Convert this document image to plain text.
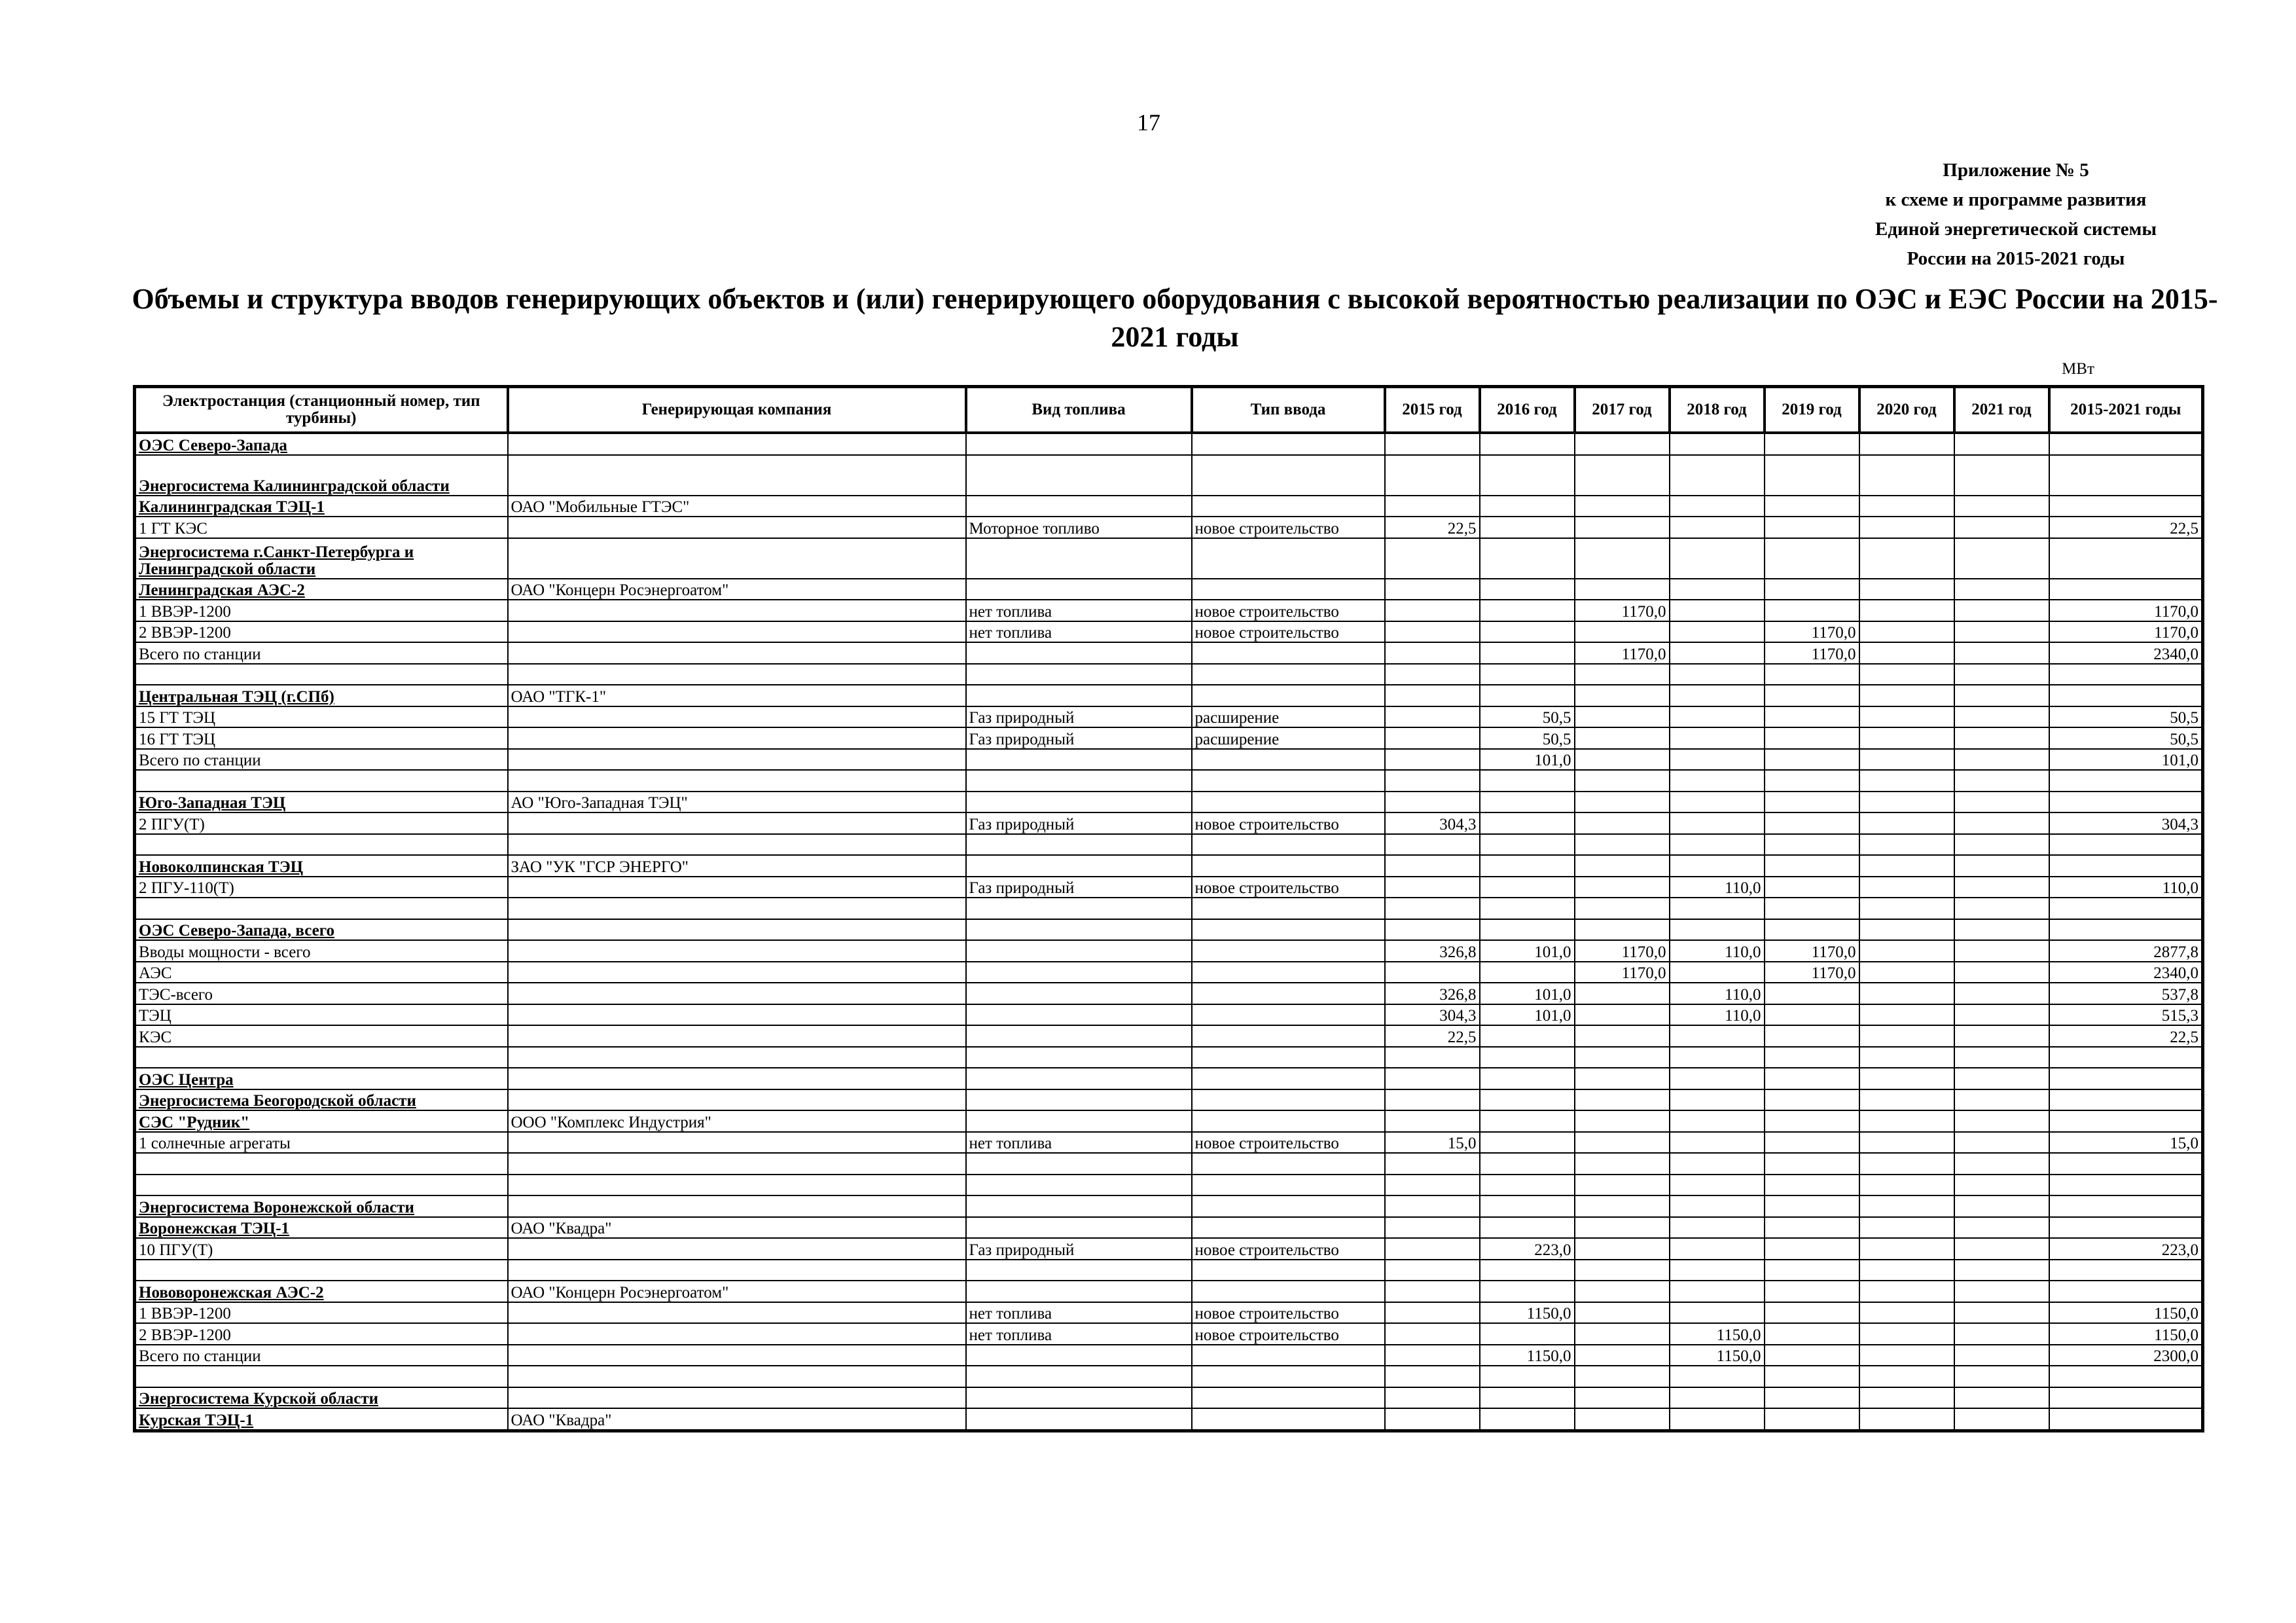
17
Приложение № 5
к схеме и программе развития
Единой энергетической системы
России на 2015-2021 годы
Объемы и структура вводов генерирующих объектов и (или) генерирующего оборудования с высокой вероятностью реализации по ОЭС и ЕЭС России на 2015-2021 годы
МВт
Электростанция (станционный номер, тип турбины)	Генерирующая компания	Вид топлива	Тип ввода	2015 год	2016 год	2017 год	2018 год	2019 год	2020 год	2021 год	2015-2021 годы
ОЭС Северо-Запада											
Энергосистема Калининградской области											
Калининградская ТЭЦ-1	ОАО "Мобильные ГТЭС"										
1 ГТ КЭС		Моторное топливо	новое строительство	22,5							22,5
Энергосистема г.Санкт-Петербурга и Ленинградской области											
Ленинградская АЭС-2	ОАО "Концерн Росэнергоатом"										
1 ВВЭР-1200		нет топлива	новое строительство			1170,0					1170,0
2 ВВЭР-1200		нет топлива	новое строительство					1170,0			1170,0
Всего по станции						1170,0		1170,0			2340,0

Центральная ТЭЦ (г.СПб)	ОАО "ТГК-1"										
15 ГТ ТЭЦ		Газ природный	расширение		50,5						50,5
16 ГТ ТЭЦ		Газ природный	расширение		50,5						50,5
Всего по станции					101,0						101,0

Юго-Западная ТЭЦ	АО "Юго-Западная ТЭЦ"										
2 ПГУ(Т)		Газ природный	новое строительство	304,3							304,3

Новоколпинская ТЭЦ	ЗАО "УК "ГСР ЭНЕРГО"										
2 ПГУ-110(Т)		Газ природный	новое строительство				110,0				110,0

ОЭС Северо-Запада, всего											
Вводы мощности - всего				326,8	101,0	1170,0	110,0	1170,0			2877,8
АЭС						1170,0		1170,0			2340,0
ТЭС-всего				326,8	101,0		110,0				537,8
ТЭЦ				304,3	101,0		110,0				515,3
КЭС				22,5							22,5

ОЭС Центра											
Энергосистема Беогородской области											
СЭС "Рудник"	ООО "Комплекс Индустрия"										
1 солнечные агрегаты		нет топлива	новое строительство	15,0							15,0

Энергосистема Воронежской области											
Воронежская ТЭЦ-1	ОАО "Квадра"										
10 ПГУ(Т)		Газ природный	новое строительство		223,0						223,0

Нововоронежская АЭС-2	ОАО "Концерн Росэнергоатом"										
1 ВВЭР-1200		нет топлива	новое строительство		1150,0						1150,0
2 ВВЭР-1200		нет топлива	новое строительство				1150,0				1150,0
Всего по станции					1150,0		1150,0				2300,0

Энергосистема Курской области											
Курская ТЭЦ-1	ОАО "Квадра"										
